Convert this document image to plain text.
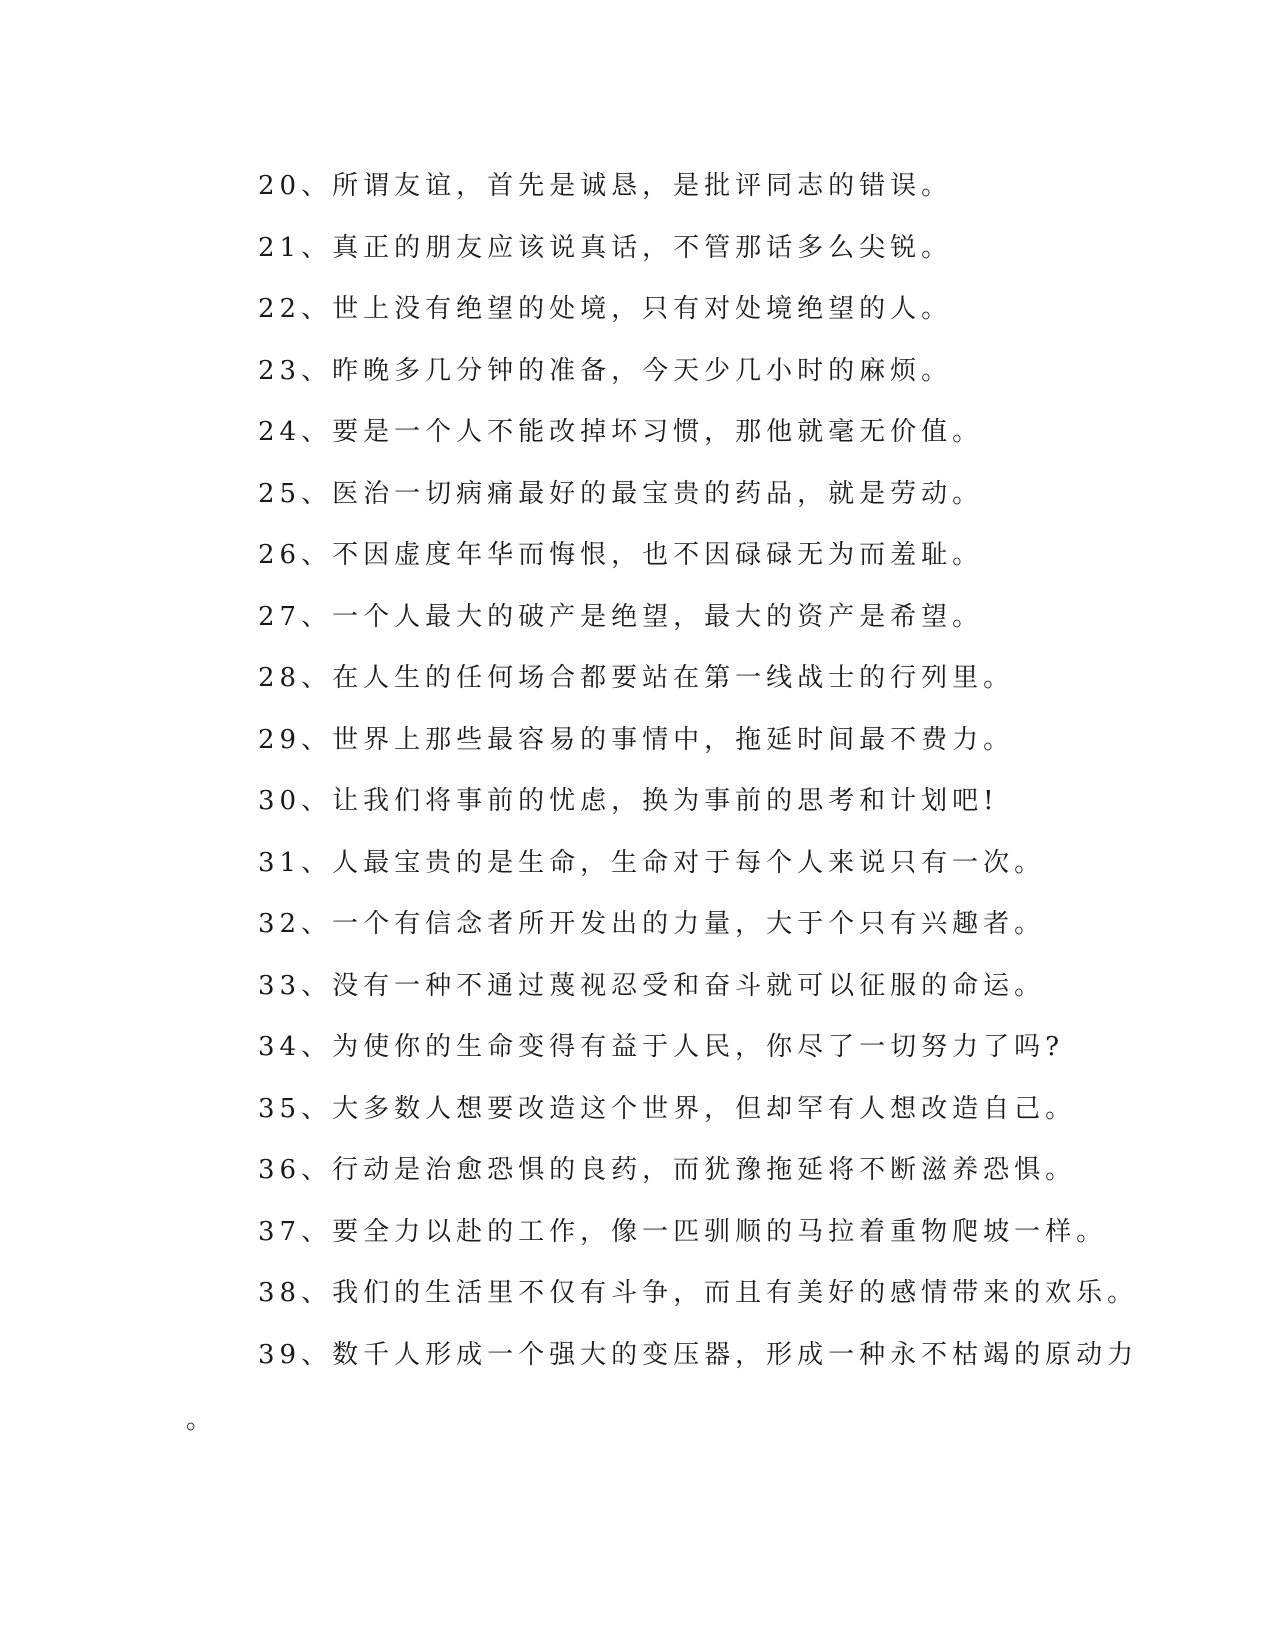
20、所谓友谊，首先是诚恳，是批评同志的错误。
21、真正的朋友应该说真话，不管那话多么尖锐。
22、世上没有绝望的处境，只有对处境绝望的人。
23、昨晚多几分钟的准备，今天少几小时的麻烦。
24、要是一个人不能改掉坏习惯，那他就毫无价值。
25、医治一切病痛最好的最宝贵的药品，就是劳动。
26、不因虚度年华而悔恨，也不因碌碌无为而羞耻。
27、一个人最大的破产是绝望，最大的资产是希望。
28、在人生的任何场合都要站在第一线战士的行列里。
29、世界上那些最容易的事情中，拖延时间最不费力。
30、让我们将事前的忧虑，换为事前的思考和计划吧!
31、人最宝贵的是生命，生命对于每个人来说只有一次。
32、一个有信念者所开发出的力量，大于个只有兴趣者。
33、没有一种不通过蔑视忍受和奋斗就可以征服的命运。
34、为使你的生命变得有益于人民，你尽了一切努力了吗?
35、大多数人想要改造这个世界，但却罕有人想改造自己。
36、行动是治愈恐惧的良药，而犹豫拖延将不断滋养恐惧。
37、要全力以赴的工作，像一匹驯顺的马拉着重物爬坡一样。
38、我们的生活里不仅有斗争，而且有美好的感情带来的欢乐。
39、数千人形成一个强大的变压器，形成一种永不枯竭的原动力
。
